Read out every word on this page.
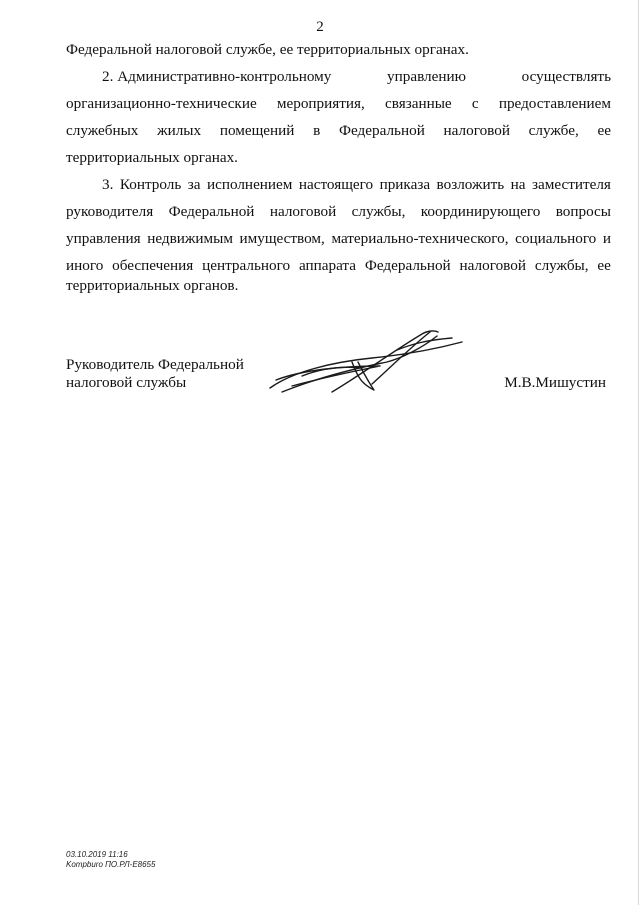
2
Федеральной налоговой службе, ее территориальных органах.
2. Административно-контрольному	управлению	осуществлять
организационно-технические мероприятия, связанные с предоставлением
служебных жилых помещений в Федеральной налоговой службе, ее
территориальных органах.
3. Контроль за исполнением настоящего приказа возложить на заместителя
руководителя Федеральной налоговой службы, координирующего вопросы
управления недвижимым имуществом, материально-технического, социального и
иного обеспечения центрального аппарата Федеральной налоговой службы, ее
территориальных органов.
Руководитель Федеральной
налоговой службы	М.В.Мишустин
03.10.2019 11:16
Kompburo ПО.РЛ-Е8655
